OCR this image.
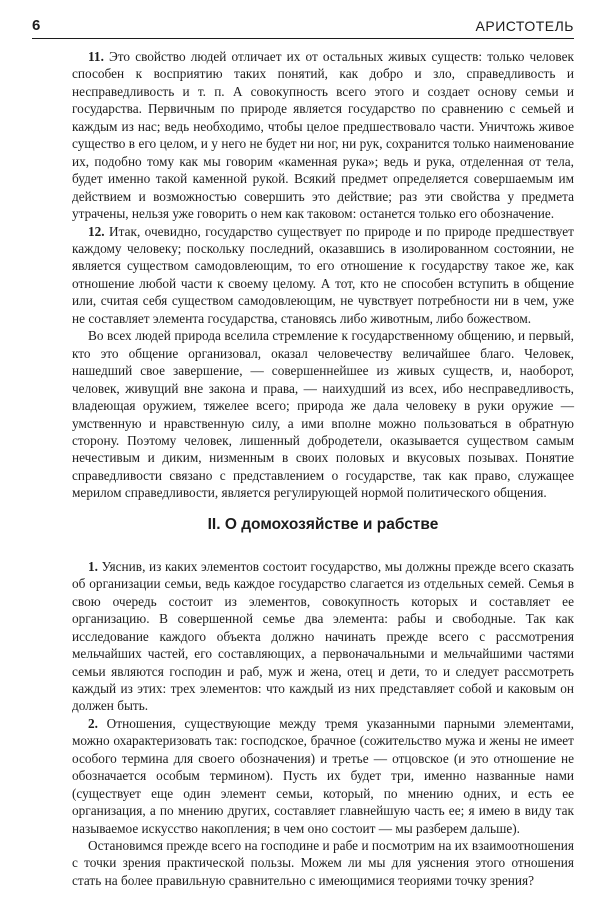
6	АРИСТОТЕЛЬ

11. Это свойство людей отличает их от остальных живых существ: только человек способен к восприятию таких понятий, как добро и зло, справедливость и несправедливость и т. п. А совокупность всего этого и создает основу семьи и государства. Первичным по природе является государство по сравнению с семьей и каждым из нас; ведь необходимо, чтобы целое предшествовало части. Уничтожь живое существо в его целом, и у него не будет ни ног, ни рук, сохранится только наименование их, подобно тому как мы говорим «каменная рука»; ведь и рука, отделенная от тела, будет именно такой каменной рукой. Всякий предмет определяется совершаемым им действием и возможностью совершить это действие; раз эти свойства у предмета утрачены, нельзя уже говорить о нем как таковом: останется только его обозначение.

12. Итак, очевидно, государство существует по природе и по природе предшествует каждому человеку; поскольку последний, оказавшись в изолированном состоянии, не является существом самодовлеющим, то его отношение к государству такое же, как отношение любой части к своему целому. А тот, кто не способен вступить в общение или, считая себя существом самодовлеющим, не чувствует потребности ни в чем, уже не составляет элемента государства, становясь либо животным, либо божеством.

Во всех людей природа вселила стремление к государственному общению, и первый, кто это общение организовал, оказал человечеству величайшее благо. Человек, нашедший свое завершение, — совершеннейшее из живых существ, и, наоборот, человек, живущий вне закона и права, — наихудший из всех, ибо несправедливость, владеющая оружием, тяжелее всего; природа же дала человеку в руки оружие — умственную и нравственную силу, а ими вполне можно пользоваться в обратную сторону. Поэтому человек, лишенный добродетели, оказывается существом самым нечестивым и диким, низменным в своих половых и вкусовых позывах. Понятие справедливости связано с представлением о государстве, так как право, служащее мерилом справедливости, является регулирующей нормой политического общения.

II. О домохозяйстве и рабстве

1. Уяснив, из каких элементов состоит государство, мы должны прежде всего сказать об организации семьи, ведь каждое государство слагается из отдельных семей. Семья в свою очередь состоит из элементов, совокупность которых и составляет ее организацию. В совершенной семье два элемента: рабы и свободные. Так как исследование каждого объекта должно начинать прежде всего с рассмотрения мельчайших частей, его составляющих, а первоначальными и мельчайшими частями семьи являются господин и раб, муж и жена, отец и дети, то и следует рассмотреть каждый из этих: трех элементов: что каждый из них представляет собой и каковым он должен быть.

2. Отношения, существующие между тремя указанными парными элементами, можно охарактеризовать так: господское, брачное (сожительство мужа и жены не имеет особого термина для своего обозначения) и третье — отцовское (и это отношение не обозначается особым термином). Пусть их будет три, именно названные нами (существует еще один элемент семьи, который, по мнению одних, и есть ее организация, а по мнению других, составляет главнейшую часть ее; я имею в виду так называемое искусство накопления; в чем оно состоит — мы разберем дальше).

Остановимся прежде всего на господине и рабе и посмотрим на их взаимоотношения с точки зрения практической пользы. Можем ли мы для уяснения этого отношения стать на более правильную сравнительно с имеющимися теориями точку зрения?
